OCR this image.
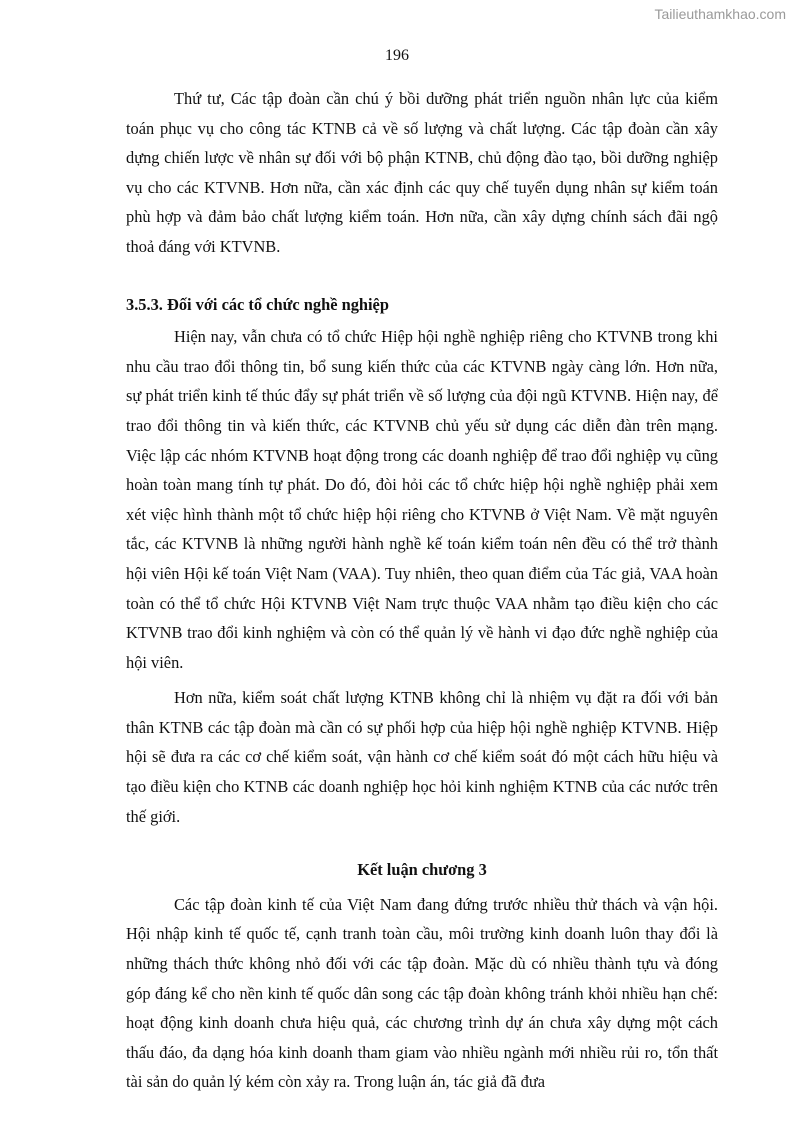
Tailieuthamkhao.com
196

Thứ tư, Các tập đoàn cần chú ý bồi dưỡng phát triển nguồn nhân lực của kiểm toán phục vụ cho công tác KTNB cả về số lượng và chất lượng. Các tập đoàn cần xây dựng chiến lược về nhân sự đối với bộ phận KTNB, chủ động đào tạo, bồi dưỡng nghiệp vụ cho các KTVNB. Hơn nữa, cần xác định các quy chế tuyển dụng nhân sự kiểm toán phù hợp và đảm bảo chất lượng kiểm toán. Hơn nữa, cần xây dựng chính sách đãi ngộ thoả đáng với KTVNB.

3.5.3. Đối với các tổ chức nghề nghiệp

Hiện nay, vẫn chưa có tổ chức Hiệp hội nghề nghiệp riêng cho KTVNB trong khi nhu cầu trao đổi thông tin, bổ sung kiến thức của các KTVNB ngày càng lớn. Hơn nữa, sự phát triển kinh tế thúc đẩy sự phát triển về số lượng của đội ngũ KTVNB. Hiện nay, để trao đổi thông tin và kiến thức, các KTVNB chủ yếu sử dụng các diễn đàn trên mạng. Việc lập các nhóm KTVNB hoạt động trong các doanh nghiệp để trao đổi nghiệp vụ cũng hoàn toàn mang tính tự phát. Do đó, đòi hỏi các tổ chức hiệp hội nghề nghiệp phải xem xét việc hình thành một tổ chức hiệp hội riêng cho KTVNB ở Việt Nam. Về mặt nguyên tắc, các KTVNB là những người hành nghề kế toán kiểm toán nên đều có thể trở thành hội viên Hội kế toán Việt Nam (VAA). Tuy nhiên, theo quan điểm của Tác giả, VAA hoàn toàn có thể tổ chức Hội KTVNB Việt Nam trực thuộc VAA nhằm tạo điều kiện cho các KTVNB trao đổi kinh nghiệm và còn có thể quản lý về hành vi đạo đức nghề nghiệp của hội viên.

Hơn nữa, kiểm soát chất lượng KTNB không chỉ là nhiệm vụ đặt ra đối với bản thân KTNB các tập đoàn mà cần có sự phối hợp của hiệp hội nghề nghiệp KTVNB. Hiệp hội sẽ đưa ra các cơ chế kiểm soát, vận hành cơ chế kiểm soát đó một cách hữu hiệu và tạo điều kiện cho KTNB các doanh nghiệp học hỏi kinh nghiệm KTNB của các nước trên thế giới.

Kết luận chương 3

Các tập đoàn kinh tế của Việt Nam đang đứng trước nhiều thử thách và vận hội. Hội nhập kinh tế quốc tế, cạnh tranh toàn cầu, môi trường kinh doanh luôn thay đổi là những thách thức không nhỏ đối với các tập đoàn. Mặc dù có nhiều thành tựu và đóng góp đáng kể cho nền kinh tế quốc dân song các tập đoàn không tránh khỏi nhiều hạn chế: hoạt động kinh doanh chưa hiệu quả, các chương trình dự án chưa xây dựng một cách thấu đáo, đa dạng hóa kinh doanh tham giam vào nhiều ngành mới nhiều rủi ro, tổn thất tài sản do quản lý kém còn xảy ra. Trong luận án, tác giả đã đưa
